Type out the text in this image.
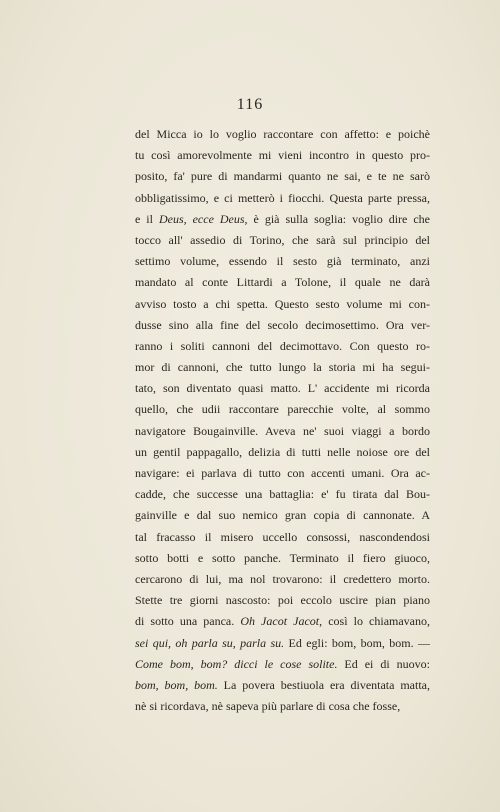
116
del Micca io lo voglio raccontare con affetto: e poichè
tu così amorevolmente mi vieni incontro in questo pro-
posito, fa' pure di mandarmi quanto ne sai, e te ne sarò
obbligatissimo, e ci metterò i fiocchi. Questa parte pressa,
e il Deus, ecce Deus, è già sulla soglia: voglio dire che
tocco all' assedio di Torino, che sarà sul principio del
settimo volume, essendo il sesto già terminato, anzi
mandato al conte Littardi a Tolone, il quale ne darà
avviso tosto a chi spetta. Questo sesto volume mi con-
dusse sino alla fine del secolo decimosettimo. Ora ver-
ranno i soliti cannoni del decimottavo. Con questo ro-
mor di cannoni, che tutto lungo la storia mi ha segui-
tato, son diventato quasi matto. L' accidente mi ricorda
quello, che udii raccontare parecchie volte, al sommo
navigatore Bougainville. Aveva ne' suoi viaggi a bordo
un gentil pappagallo, delizia di tutti nelle noiose ore del
navigare: ei parlava di tutto con accenti umani. Ora ac-
cadde, che successe una battaglia: e' fu tirata dal Bou-
gainville e dal suo nemico gran copia di cannonate. A
tal fracasso il misero uccello consossi, nascondendosi
sotto botti e sotto panche. Terminato il fiero giuoco,
cercarono di lui, ma nol trovarono: il credettero morto.
Stette tre giorni nascosto: poi eccolo uscire pian piano
di sotto una panca. Oh Jacot Jacot, così lo chiamavano,
sei qui, oh parla su, parla su. Ed egli: bom, bom, bom. —
Come bom, bom? dicci le cose solite. Ed ei di nuovo:
bom, bom, bom. La povera bestiuola era diventata matta,
nè si ricordava, nè sapeva più parlare di cosa che fosse,
